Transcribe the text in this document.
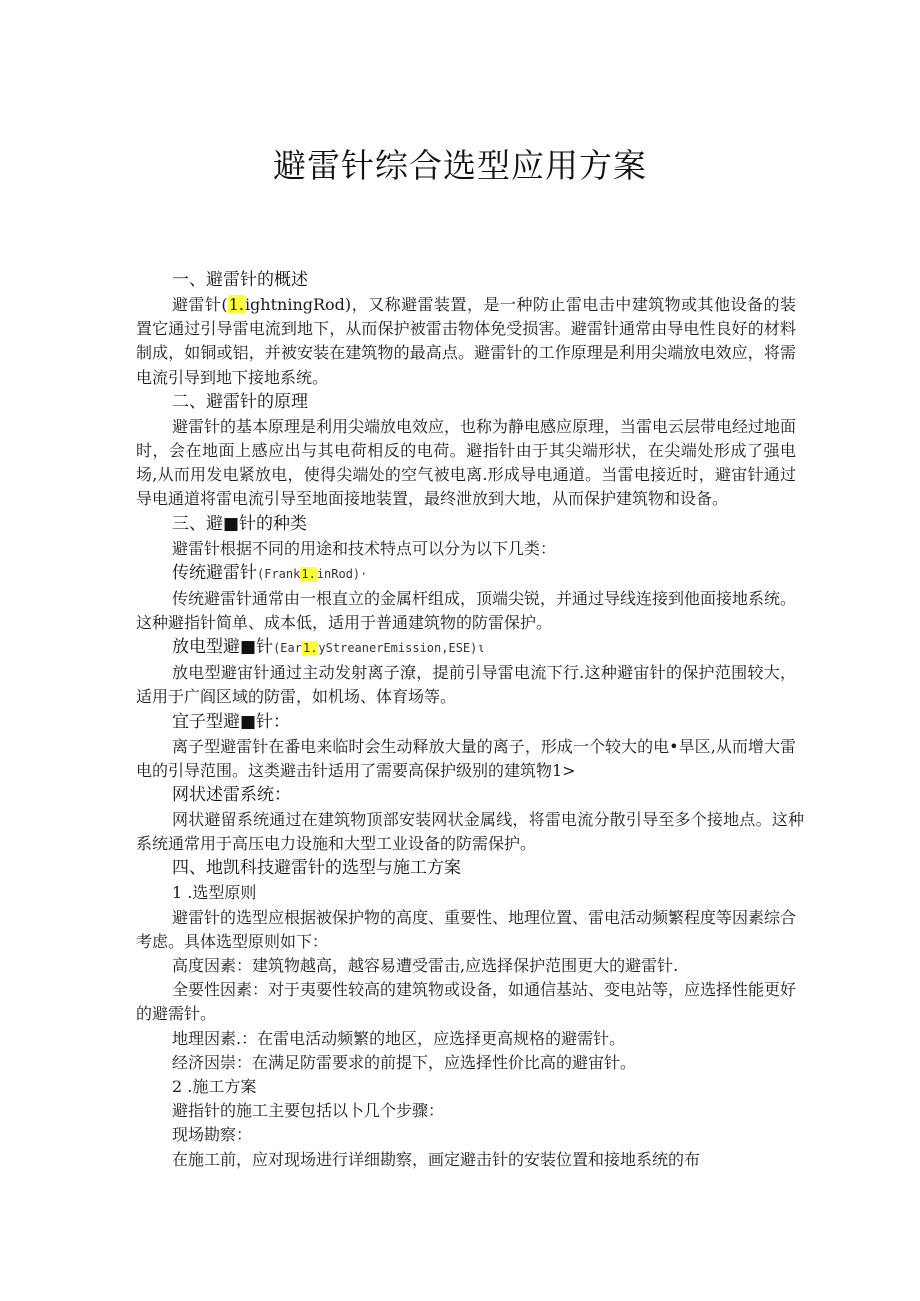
避雷针综合选型应用方案
一、避雷针的概述

避雷针(1.ightningRod)，又称避雷装置，是一种防止雷电击中建筑物或其他设备的装置它通过引导雷电流到地下，从而保护被雷击物体免受损害。避雷针通常由导电性良好的材料制成，如铜或铝，并被安装在建筑物的最高点。避雷针的工作原理是利用尖端放电效应，将需电流引导到地下接地系统。

二、避雷针的原理

避雷针的基本原理是利用尖端放电效应，也称为静电感应原理，当雷电云层带电经过地面时，会在地面上感应出与其电荷相反的电荷。避指针由于其尖端形状，在尖端处形成了强电场,从而用发电紧放电，使得尖端处的空气被电离.形成导电通道。当雷电接近时，避宙针通过导电通道将雷电流引导至地面接地装置，最终泄放到大地，从而保护建筑物和设备。

三、避■针的种类

避雷针根据不同的用途和技术特点可以分为以下几类：

传统避雷针(Frank1.inRod)·

传统避雷针通常由一根直立的金属杆组成，顶端尖锐，并通过导线连接到他面接地系统。这种避指针简单、成本低，适用于普通建筑物的防雷保护。

放电型避■针(Ear1.yStreanerEmission,ESE)ι

放电型避宙针通过主动发射离子潦，提前引导雷电流下行.这种避宙针的保护范围较大，适用于广阎区域的防雷，如机场、体育场等。

宜子型避■针：

离子型避雷针在番电来临时会生动释放大量的离子，形成一个较大的电•旱区,从而增大雷电的引导范围。这类避击针适用了需要高保护级别的建筑物1>

网状述雷系统：

网状避留系统通过在建筑物顶部安装网状金属线，将雷电流分散引导至多个接地点。这种系统通常用于高压电力设施和大型工业设备的防需保护。

四、地凯科技避雷针的选型与施工方案

1 .选型原则

避雷针的选型应根据被保护物的高度、重要性、地理位置、雷电活动频繁程度等因素综合考虑。具体选型原则如下：

高度因素：建筑物越高，越容易遭受雷击,应选择保护范围更大的避雷针.

全要性因素：对于夷要性较高的建筑物或设备，如通信基站、变电站等，应选择性能更好的避需针。

地理因素.：在雷电活动频繁的地区，应选择更高规格的避需针。

经济因崇：在满足防雷要求的前提下，应选择性价比高的避宙针。

2 .施工方案

避指针的施工主要包括以卜几个步骤：

现场勘察：

在施工前，应对现场进行详细勘察，画定避击针的安装位置和接地系统的布
